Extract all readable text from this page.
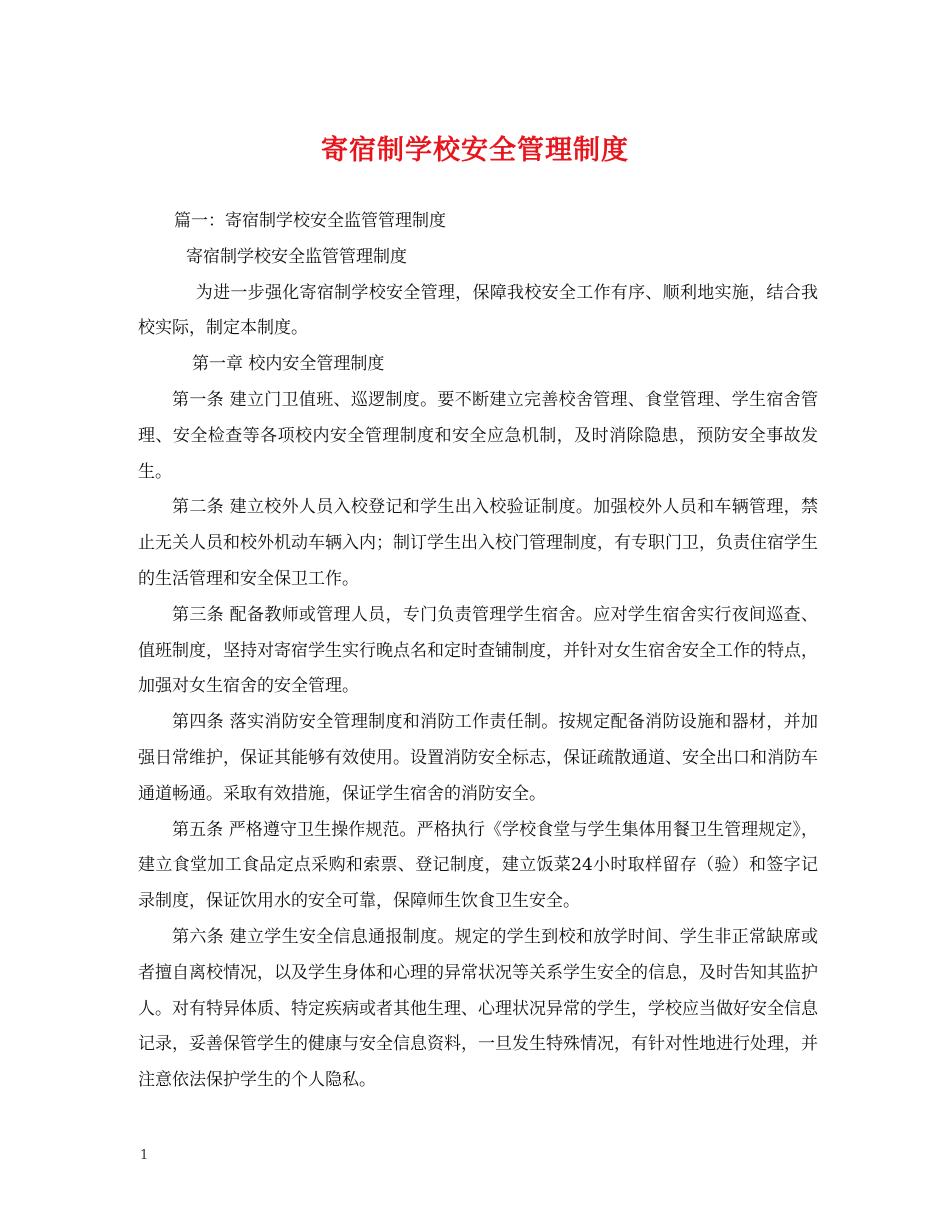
寄宿制学校安全管理制度

篇一：寄宿制学校安全监管管理制度

寄宿制学校安全监管管理制度

为进一步强化寄宿制学校安全管理，保障我校安全工作有序、顺利地实施，结合我校实际，制定本制度。

第一章 校内安全管理制度

第一条 建立门卫值班、巡逻制度。要不断建立完善校舍管理、食堂管理、学生宿舍管理、安全检查等各项校内安全管理制度和安全应急机制，及时消除隐患，预防安全事故发生。

第二条 建立校外人员入校登记和学生出入校验证制度。加强校外人员和车辆管理，禁止无关人员和校外机动车辆入内；制订学生出入校门管理制度，有专职门卫，负责住宿学生的生活管理和安全保卫工作。

第三条 配备教师或管理人员，专门负责管理学生宿舍。应对学生宿舍实行夜间巡查、值班制度，坚持对寄宿学生实行晚点名和定时查铺制度，并针对女生宿舍安全工作的特点，加强对女生宿舍的安全管理。

第四条 落实消防安全管理制度和消防工作责任制。按规定配备消防设施和器材，并加强日常维护，保证其能够有效使用。设置消防安全标志，保证疏散通道、安全出口和消防车通道畅通。采取有效措施，保证学生宿舍的消防安全。

第五条 严格遵守卫生操作规范。严格执行《学校食堂与学生集体用餐卫生管理规定》，建立食堂加工食品定点采购和索票、登记制度，建立饭菜24小时取样留存（验）和签字记录制度，保证饮用水的安全可靠，保障师生饮食卫生安全。

第六条 建立学生安全信息通报制度。规定的学生到校和放学时间、学生非正常缺席或者擅自离校情况，以及学生身体和心理的异常状况等关系学生安全的信息，及时告知其监护人。对有特异体质、特定疾病或者其他生理、心理状况异常的学生，学校应当做好安全信息记录，妥善保管学生的健康与安全信息资料，一旦发生特殊情况，有针对性地进行处理，并注意依法保护学生的个人隐私。

1
